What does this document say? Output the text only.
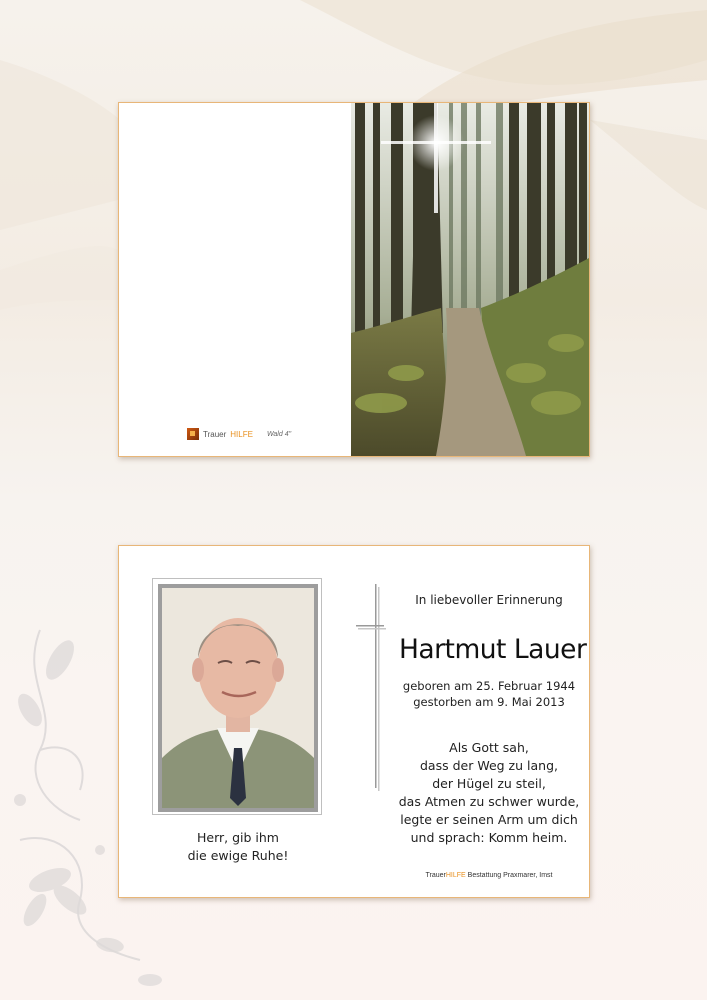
Trauer HILFE Wald 4"
Herr, gib ihm
die ewige Ruhe!
In liebevoller Erinnerung
Hartmut Lauer
geboren am 25. Februar 1944
gestorben am 9. Mai 2013
Als Gott sah,
dass der Weg zu lang,
der Hügel zu steil,
das Atmen zu schwer wurde,
legte er seinen Arm um dich
und sprach: Komm heim.
TrauerHILFE Bestattung Praxmarer, Imst
